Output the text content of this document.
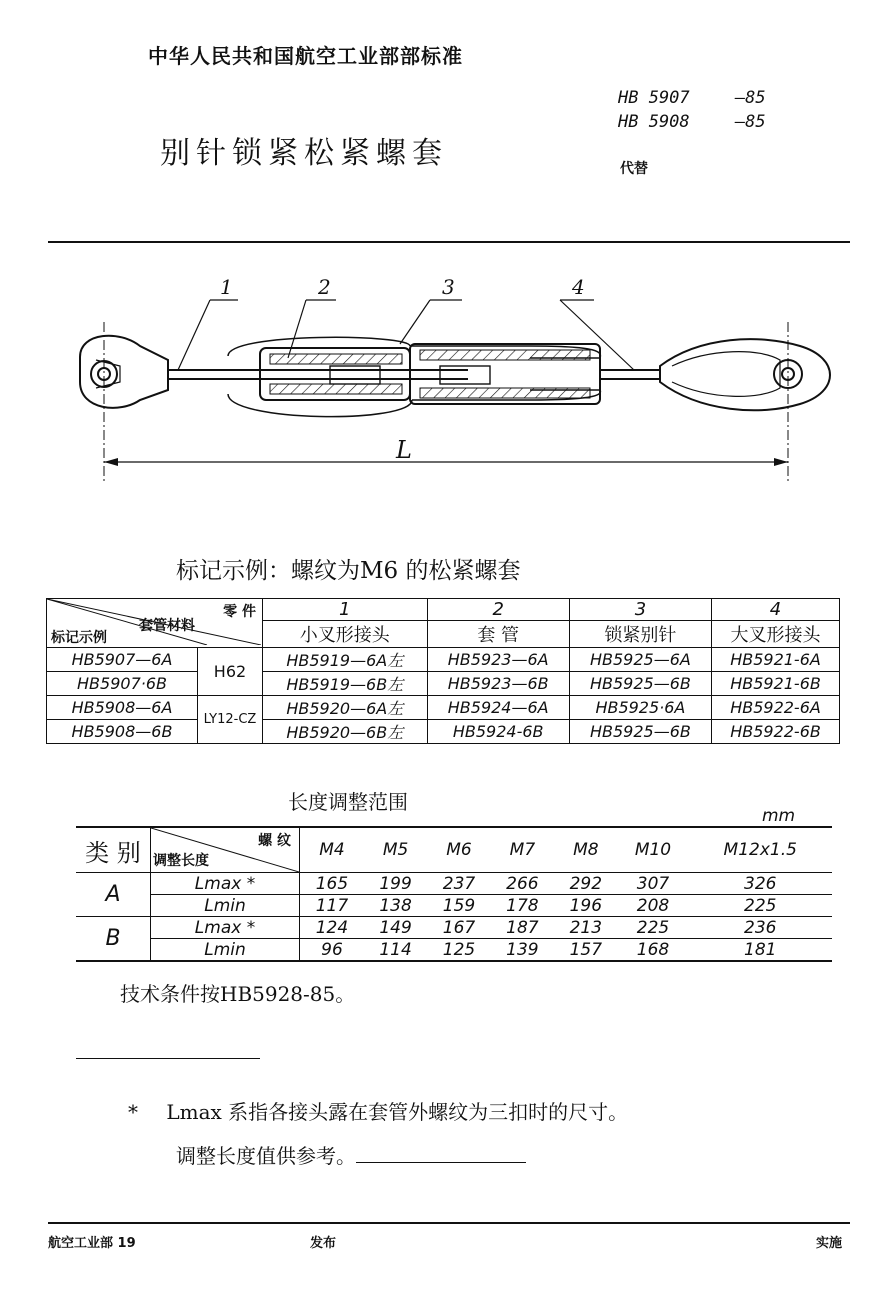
中华人民共和国航空工业部部标准
别针锁紧松紧螺套
HB 5907	—85
HB 5908	—85
代替
1	2	3	4
L
标记示例：螺纹为M6 的松紧螺套
零 件
套管材料
标记示例		1	2	3	4
		小叉形接头	套 管	锁紧别针	大叉形接头
HB5907—6A	H62	HB5919—6A左	HB5923—6A	HB5925—6A	HB5921-6A
HB5907·6B		HB5919—6B左	HB5923—6B	HB5925—6B	HB5921-6B
HB5908—6A	LY12-CZ	HB5920—6A左	HB5924—6A	HB5925·6A	HB5922-6A
HB5908—6B		HB5920—6B左	HB5924-6B	HB5925—6B	HB5922-6B
长度调整范围
mm
类 别	螺 纹
调整长度	M4	M5	M6	M7	M8	M10	M12x1.5
A	Lmax *	165	199	237	266	292	307	326
	Lmin	117	138	159	178	196	208	225
B	Lmax *	124	149	167	187	213	225	236
	Lmin	96	114	125	139	157	168	181
技术条件按HB5928-85。
* Lmax 系指各接头露在套管外螺纹为三扣时的尺寸。
调整长度值供参考。
航空工业部 19	发布	实施
